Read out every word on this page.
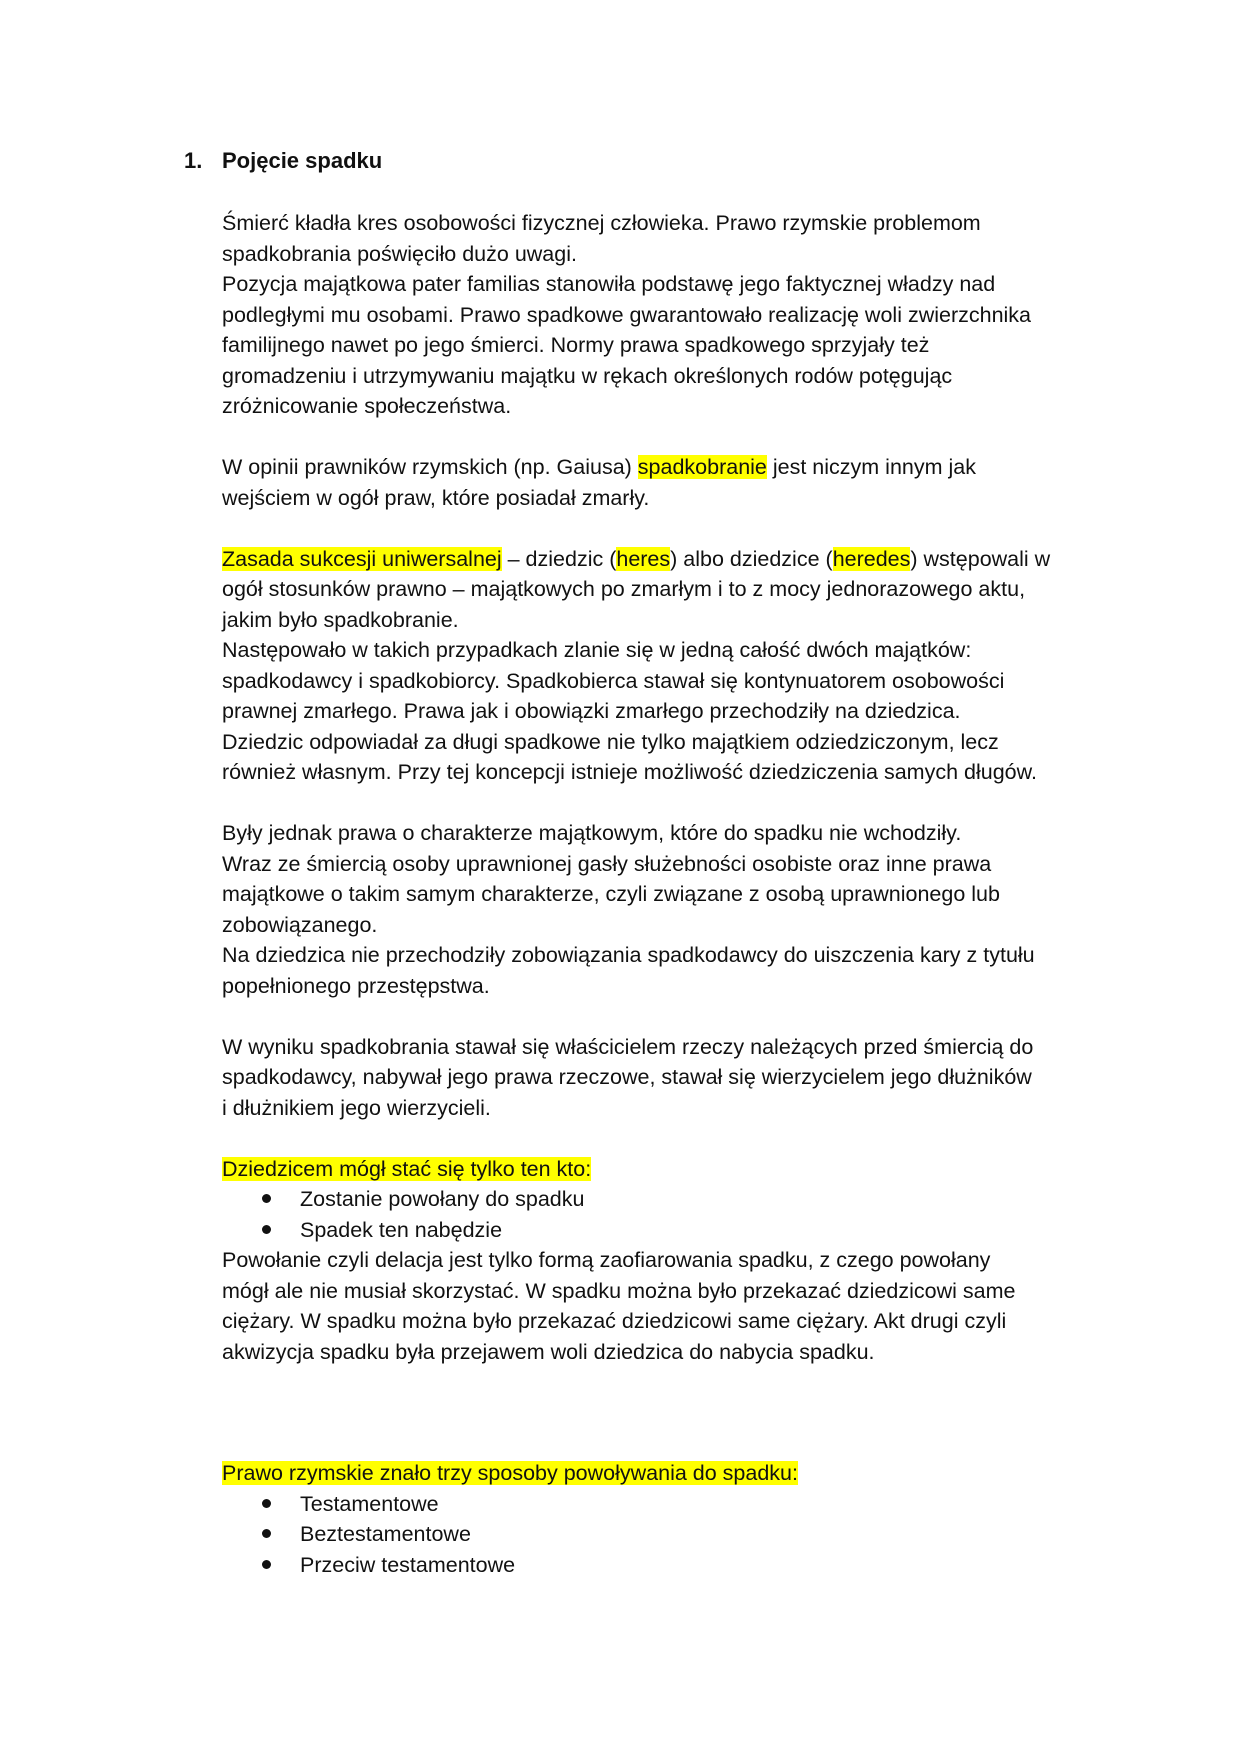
1. Pojęcie spadku

Śmierć kładła kres osobowości fizycznej człowieka. Prawo rzymskie problemom
spadkobrania poświęciło dużo uwagi.

Pozycja majątkowa pater familias stanowiła podstawę jego faktycznej władzy nad
podległymi mu osobami. Prawo spadkowe gwarantowało realizację woli zwierzchnika
familijnego nawet po jego śmierci. Normy prawa spadkowego sprzyjały też
gromadzeniu i utrzymywaniu majątku w rękach określonych rodów potęgując
zróżnicowanie społeczeństwa.

W opinii prawników rzymskich (np. Gaiusa) spadkobranie jest niczym innym jak
wejściem w ogół praw, które posiadał zmarły.

Zasada sukcesji uniwersalnej – dziedzic (heres) albo dziedzice (heredes) wstępowali w
ogół stosunków prawno – majątkowych po zmarłym i to z mocy jednorazowego aktu,
jakim było spadkobranie.

Następowało w takich przypadkach zlanie się w jedną całość dwóch majątków:
spadkodawcy i spadkobiorcy. Spadkobierca stawał się kontynuatorem osobowości
prawnej zmarłego. Prawa jak i obowiązki zmarłego przechodziły na dziedzica.
Dziedzic odpowiadał za długi spadkowe nie tylko majątkiem odziedziczonym, lecz
również własnym. Przy tej koncepcji istnieje możliwość dziedziczenia samych długów.

Były jednak prawa o charakterze majątkowym, które do spadku nie wchodziły.
Wraz ze śmiercią osoby uprawnionej gasły służebności osobiste oraz inne prawa
majątkowe o takim samym charakterze, czyli związane z osobą uprawnionego lub
zobowiązanego.
Na dziedzica nie przechodziły zobowiązania spadkodawcy do uiszczenia kary z tytułu
popełnionego przestępstwa.

W wyniku spadkobrania stawał się właścicielem rzeczy należących przed śmiercią do
spadkodawcy, nabywał jego prawa rzeczowe, stawał się wierzycielem jego dłużników
i dłużnikiem jego wierzycieli.

Dziedzicem mógł stać się tylko ten kto:

Zostanie powołany do spadku
Spadek ten nabędzie

Powołanie czyli delacja jest tylko formą zaofiarowania spadku, z czego powołany
mógł ale nie musiał skorzystać. W spadku można było przekazać dziedzicowi same
ciężary. W spadku można było przekazać dziedzicowi same ciężary. Akt drugi czyli
akwizycja spadku była przejawem woli dziedzica do nabycia spadku.

Prawo rzymskie znało trzy sposoby powoływania do spadku:

Testamentowe
Beztestamentowe
Przeciw testamentowe
